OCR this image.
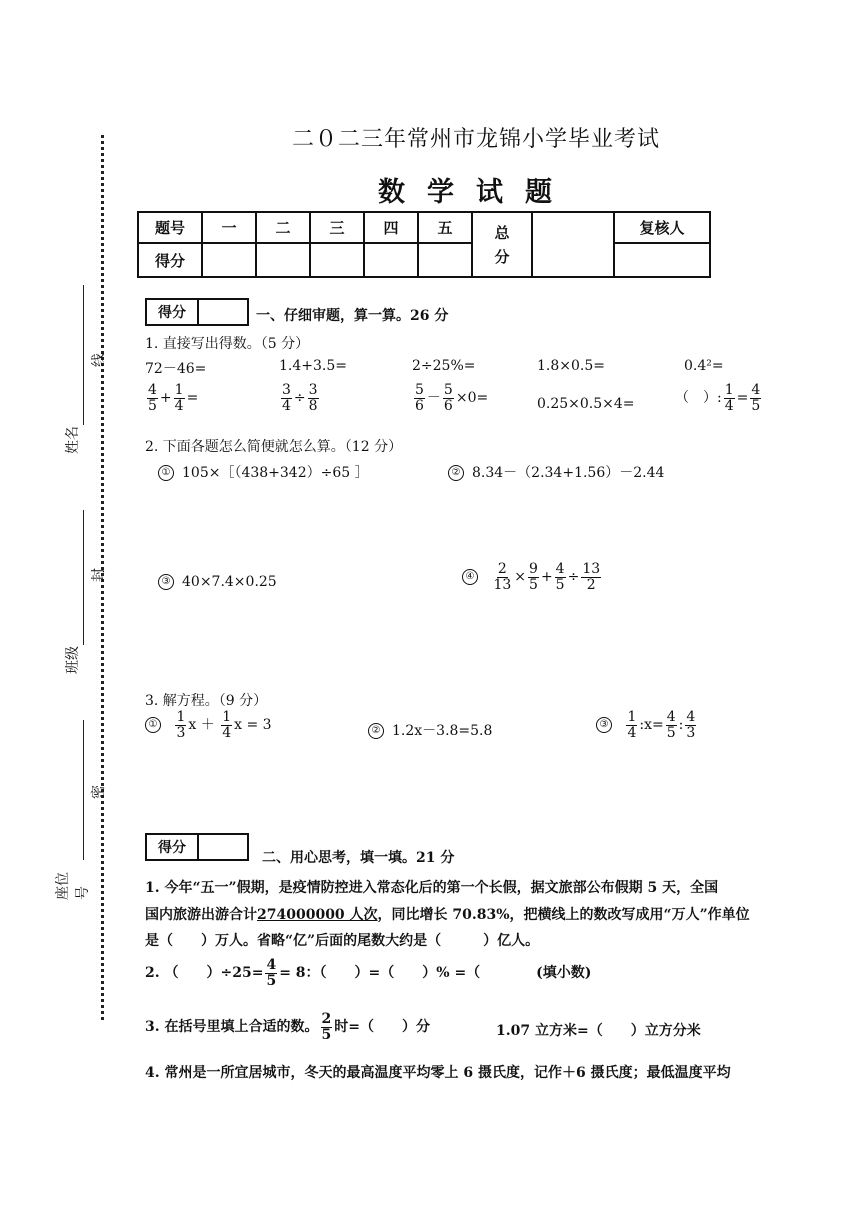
姓名
班级
座位号
线
封
密
二０二三年常州市龙锦小学毕业考试
数学试题
题号	一	二	三	四	五	总分		复核人
得分								
得分	一、仔细审题，算一算。26 分
1. 直接写出得数。（5 分）
72－46=	1.4+3.5=	2÷25%=	1.8×0.5=	0.4²=
$\frac{4}{5} + \frac{1}{4}$ =	$\frac{3}{4} \div \frac{3}{8}$	$\frac{5}{6} - \frac{5}{6} \times 0=$	0.25×0.5×4=	（　）: $\frac{1}{4} = \frac{4}{5}$
2. 下面各题怎么简便就怎么算。（12 分）
① 105×［（438+342）÷65 ］	② 8.34－（2.34+1.56）－2.44
③ 40×7.4×0.25	④ $\frac{2}{13} \times \frac{9}{5} + \frac{4}{5} \div \frac{13}{2}$
3. 解方程。（9 分）
① $\frac{1}{3}$ $x + \frac{1}{4}$ x = 3	② 1.2x－3.8=5.8	③ $\frac{1}{4}$ :x= $\frac{4}{5}$ : $\frac{4}{3}$
得分
二、用心思考，填一填。21 分
1. 今年“五一”假期，是疫情防控进入常态化后的第一个长假，据文旅部公布假期 5 天，全国
国内旅游出游合计274000000 人次，同比增长 70.83%，把横线上的数改写成用“万人”作单位
是（　　）万人。省略“亿”后面的尾数大约是（　　　）亿人。
2. （　　）$\div 25= \frac{4}{5} = 8$：（　　）=（　　）% =（　　　　(填小数)
3. 在括号里填上合适的数。 $\frac{2}{5}$ 时=（　　）分	1.07 立方米=（　　）立方分米
4. 常州是一所宜居城市，冬天的最高温度平均零上 6 摄氏度，记作＋6 摄氏度；最低温度平均
